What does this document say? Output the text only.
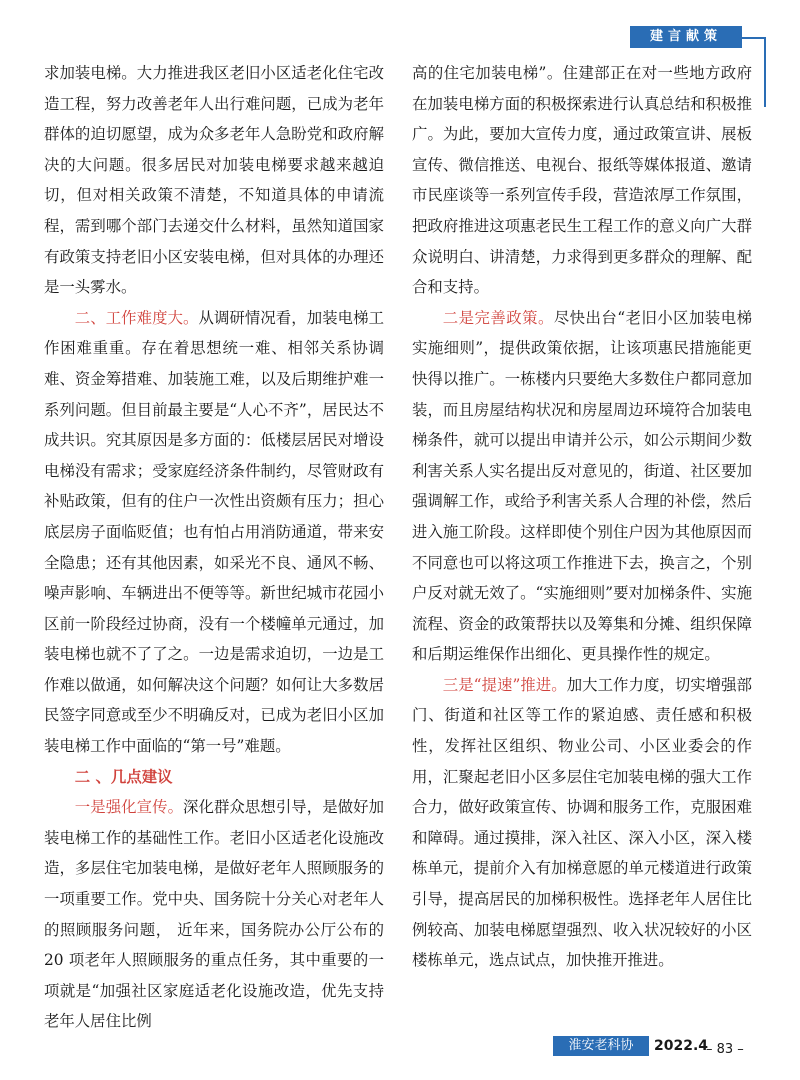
建言献策

求加装电梯。大力推进我区老旧小区适老化住宅改造工程，努力改善老年人出行难问题，已成为老年群体的迫切愿望，成为众多老年人急盼党和政府解决的大问题。很多居民对加装电梯要求越来越迫切，但对相关政策不清楚，不知道具体的申请流程，需到哪个部门去递交什么材料，虽然知道国家有政策支持老旧小区安装电梯，但对具体的办理还是一头雾水。

二、工作难度大。从调研情况看，加装电梯工作困难重重。存在着思想统一难、相邻关系协调难、资金筹措难、加装施工难，以及后期维护难一系列问题。但目前最主要是“人心不齐”，居民达不成共识。究其原因是多方面的：低楼层居民对增设电梯没有需求；受家庭经济条件制约，尽管财政有补贴政策，但有的住户一次性出资颇有压力；担心底层房子面临贬值；也有怕占用消防通道，带来安全隐患；还有其他因素，如采光不良、通风不畅、噪声影响、车辆进出不便等等。新世纪城市花园小区前一阶段经过协商，没有一个楼幢单元通过，加装电梯也就不了了之。一边是需求迫切，一边是工作难以做通，如何解决这个问题？如何让大多数居民签字同意或至少不明确反对，已成为老旧小区加装电梯工作中面临的“第一号”难题。

二 、几点建议

一是强化宣传。深化群众思想引导，是做好加装电梯工作的基础性工作。老旧小区适老化设施改造，多层住宅加装电梯，是做好老年人照顾服务的一项重要工作。党中央、国务院十分关心对老年人的照顾服务问题， 近年来，国务院办公厅公布的 20 项老年人照顾服务的重点任务，其中重要的一项就是“加强社区家庭适老化设施改造，优先支持老年人居住比例

高的住宅加装电梯”。住建部正在对一些地方政府在加装电梯方面的积极探索进行认真总结和积极推广。为此，要加大宣传力度，通过政策宣讲、展板宣传、微信推送、电视台、报纸等媒体报道、邀请市民座谈等一系列宣传手段，营造浓厚工作氛围，把政府推进这项惠老民生工程工作的意义向广大群众说明白、讲清楚，力求得到更多群众的理解、配合和支持。

二是完善政策。尽快出台“老旧小区加装电梯实施细则”，提供政策依据，让该项惠民措施能更快得以推广。一栋楼内只要绝大多数住户都同意加装，而且房屋结构状况和房屋周边环境符合加装电梯条件，就可以提出申请并公示，如公示期间少数利害关系人实名提出反对意见的，街道、社区要加强调解工作，或给予利害关系人合理的补偿，然后进入施工阶段。这样即使个别住户因为其他原因而不同意也可以将这项工作推进下去，换言之，个别户反对就无效了。“实施细则”要对加梯条件、实施流程、资金的政策帮扶以及筹集和分摊、组织保障和后期运维保作出细化、更具操作性的规定。

三是“提速”推进。加大工作力度，切实增强部门、街道和社区等工作的紧迫感、责任感和积极性，发挥社区组织、物业公司、小区业委会的作用，汇聚起老旧小区多层住宅加装电梯的强大工作合力，做好政策宣传、协调和服务工作，克服困难和障碍。通过摸排，深入社区、深入小区，深入楼栋单元，提前介入有加梯意愿的单元楼道进行政策引导，提高居民的加梯积极性。选择老年人居住比例较高、加装电梯愿望强烈、收入状况较好的小区楼栋单元，选点试点，加快推开推进。

淮安老科协	2022.4
– 83 –
